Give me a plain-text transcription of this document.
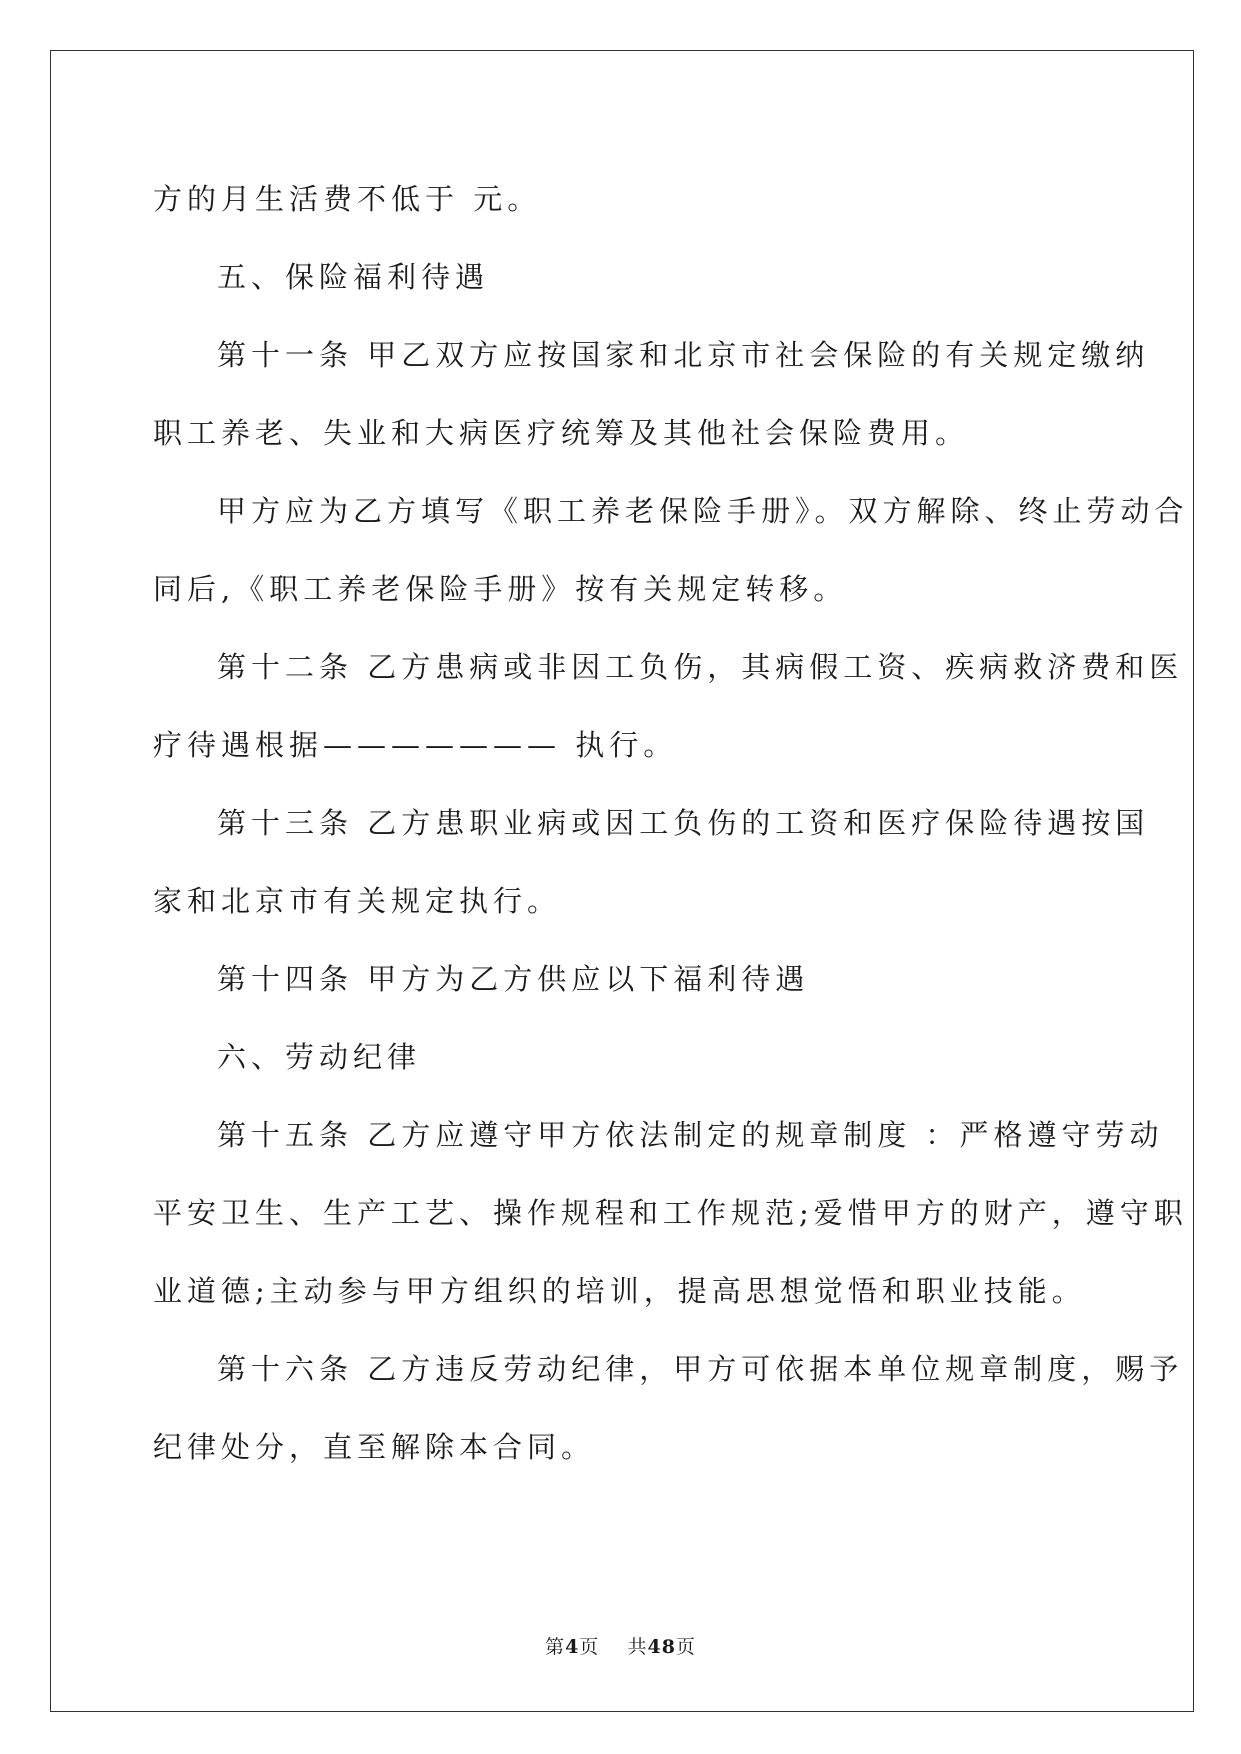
方的月生活费不低于 元。
五、保险福利待遇
第十一条 甲乙双方应按国家和北京市社会保险的有关规定缴纳
职工养老、失业和大病医疗统筹及其他社会保险费用。
甲方应为乙方填写《职工养老保险手册》。双方解除、终止劳动合
同后,《职工养老保险手册》按有关规定转移。
第十二条 乙方患病或非因工负伤，其病假工资、疾病救济费和医
疗待遇根据——————— 执行。
第十三条 乙方患职业病或因工负伤的工资和医疗保险待遇按国
家和北京市有关规定执行。
第十四条 甲方为乙方供应以下福利待遇
六、劳动纪律
第十五条 乙方应遵守甲方依法制定的规章制度 ：严格遵守劳动
平安卫生、生产工艺、操作规程和工作规范;爱惜甲方的财产，遵守职
业道德;主动参与甲方组织的培训，提高思想觉悟和职业技能。
第十六条 乙方违反劳动纪律，甲方可依据本单位规章制度，赐予
纪律处分，直至解除本合同。
第4页    共48页
